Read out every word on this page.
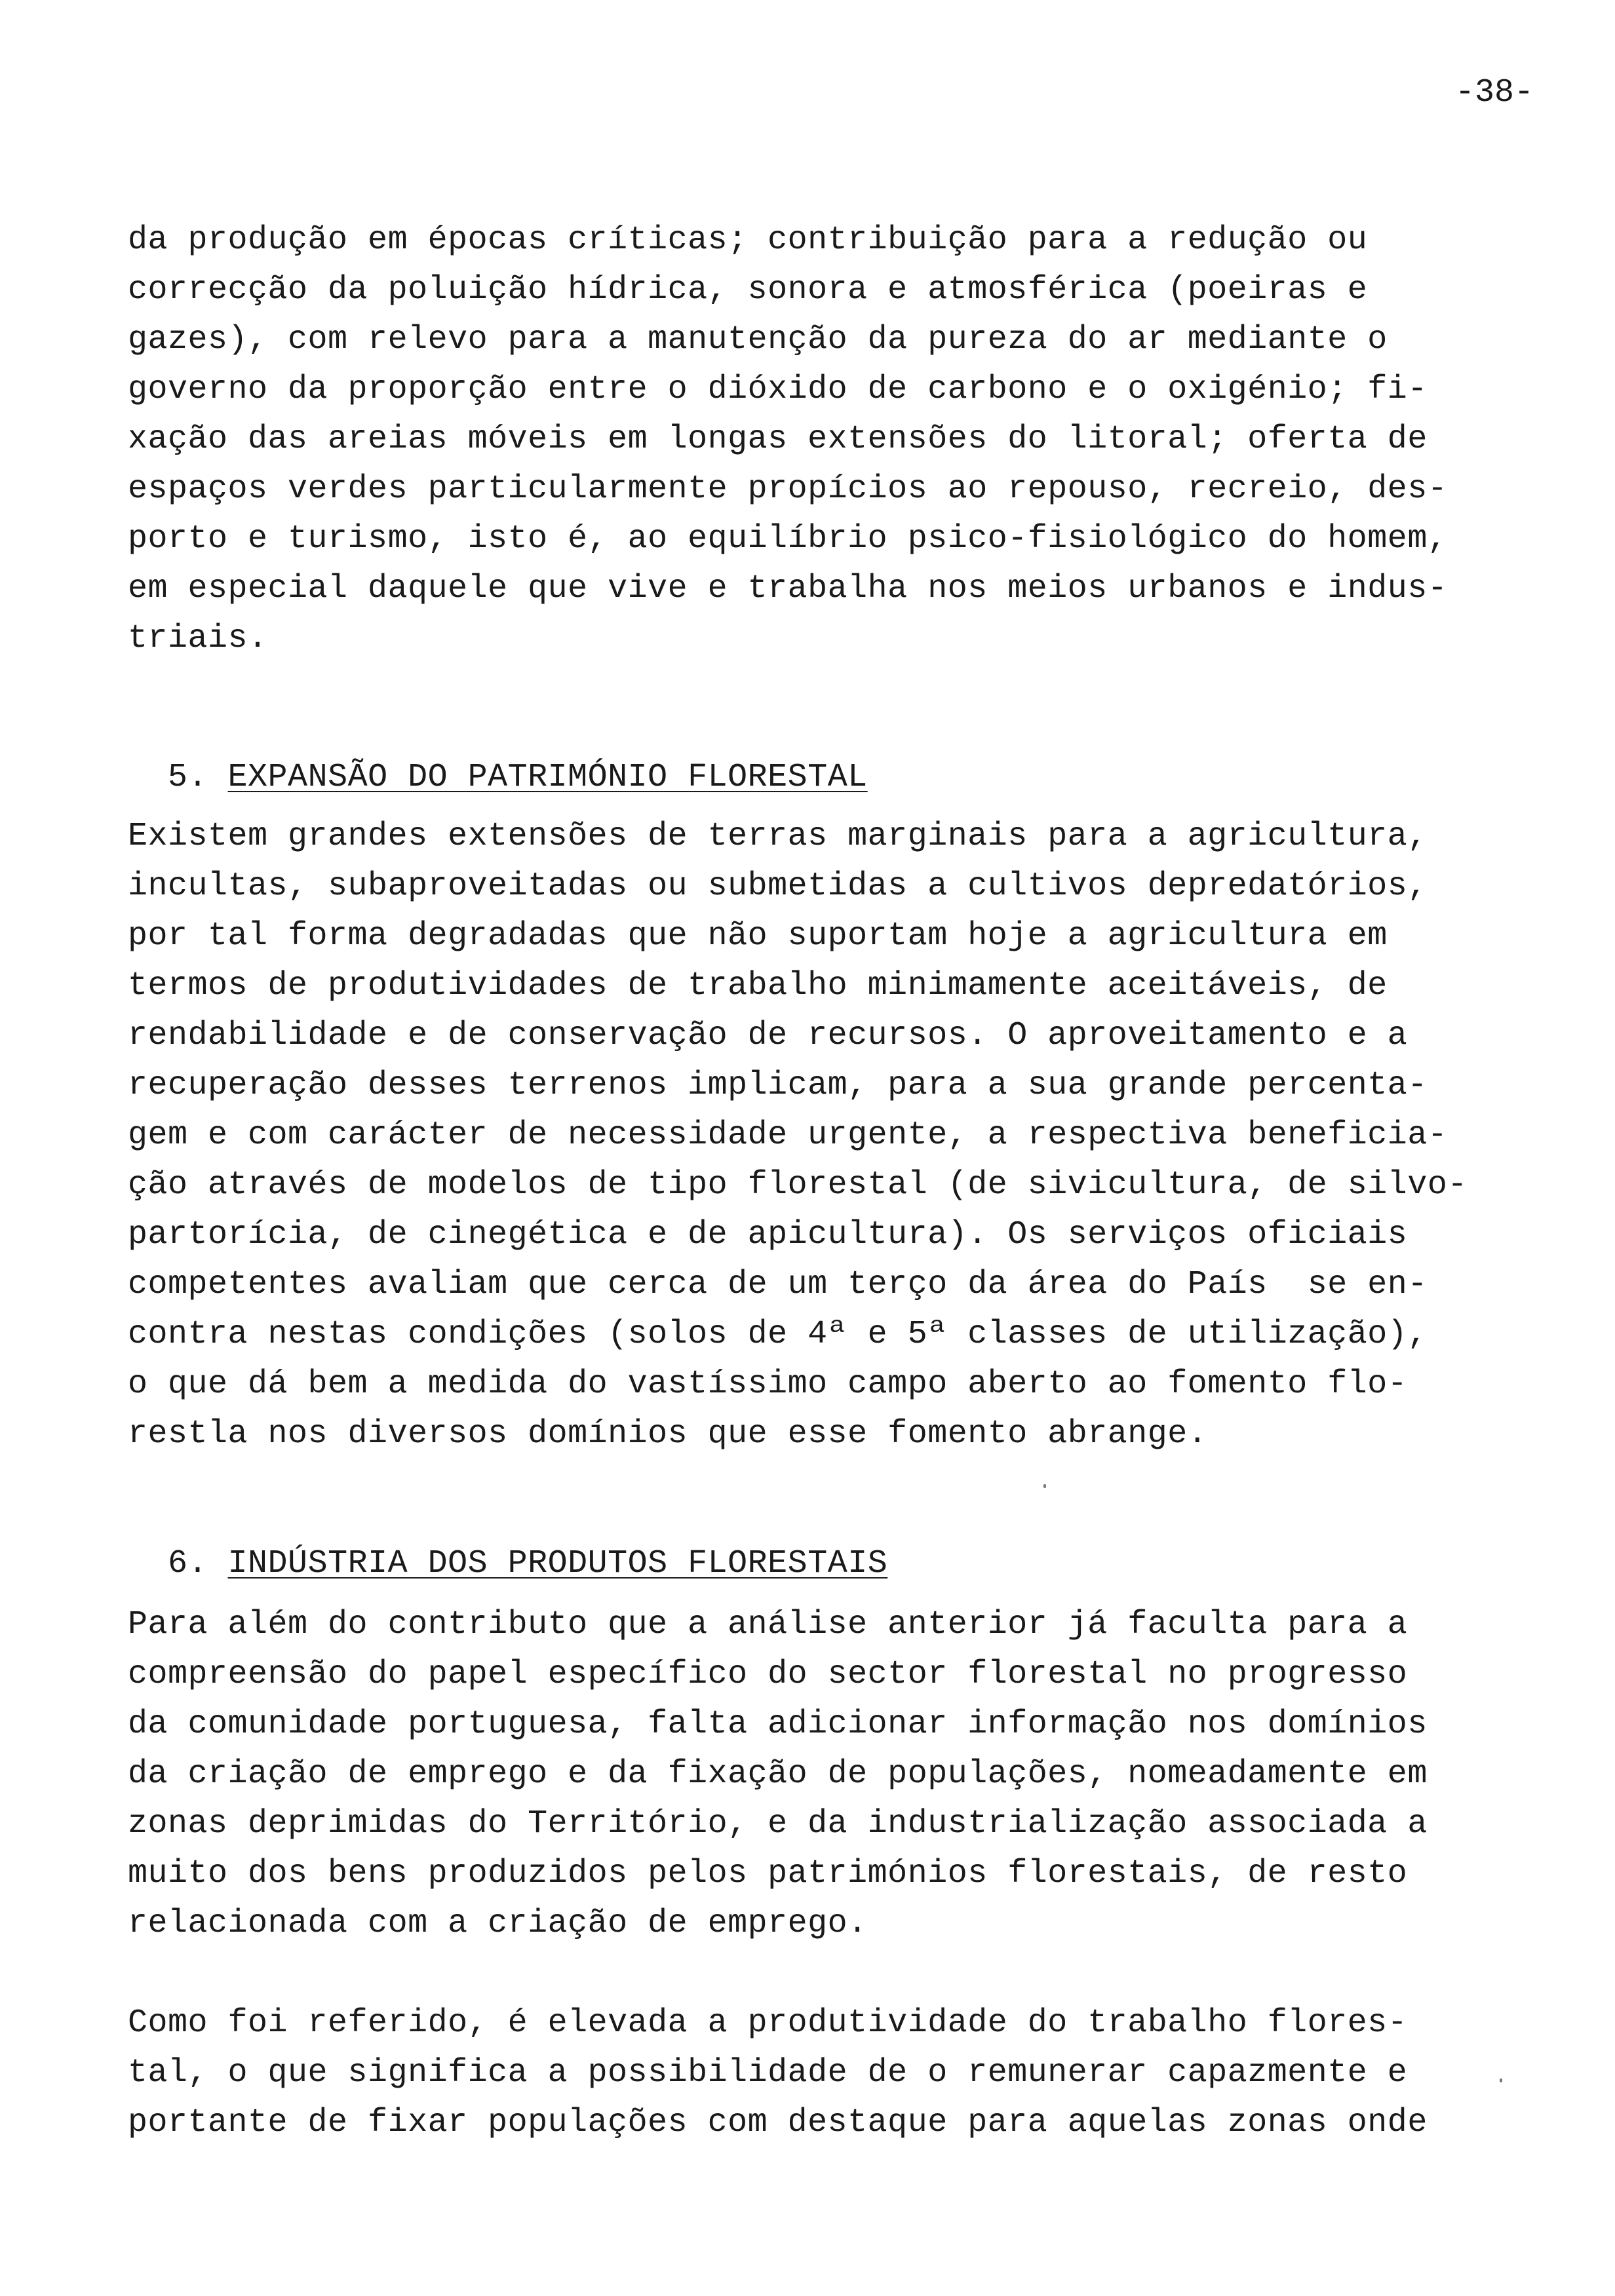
-38-
da produção em épocas críticas; contribuição para a redução ou
correcção da poluição hídrica, sonora e atmosférica (poeiras e
gazes), com relevo para a manutenção da pureza do ar mediante o
governo da proporção entre o dióxido de carbono e o oxigénio; fi-
xação das areias móveis em longas extensões do litoral; oferta de
espaços verdes particularmente propícios ao repouso, recreio, des-
porto e turismo, isto é, ao equilíbrio psico-fisiológico do homem,
em especial daquele que vive e trabalha nos meios urbanos e indus-
triais.

5. EXPANSÃO DO PATRIMÓNIO FLORESTAL

Existem grandes extensões de terras marginais para a agricultura,
incultas, subaproveitadas ou submetidas a cultivos depredatórios,
por tal forma degradadas que não suportam hoje a agricultura em
termos de produtividades de trabalho minimamente aceitáveis, de
rendabilidade e de conservação de recursos. O aproveitamento e a
recuperação desses terrenos implicam, para a sua grande percenta-
gem e com carácter de necessidade urgente, a respectiva beneficia-
ção através de modelos de tipo florestal (de sivicultura, de silvo-
partorícia, de cinegética e de apicultura). Os serviços oficiais
competentes avaliam que cerca de um terço da área do País  se en-
contra nestas condições (solos de 4ª e 5ª classes de utilização),
o que dá bem a medida do vastíssimo campo aberto ao fomento flo-
restla nos diversos domínios que esse fomento abrange.

6. INDÚSTRIA DOS PRODUTOS FLORESTAIS

Para além do contributo que a análise anterior já faculta para a
compreensão do papel específico do sector florestal no progresso
da comunidade portuguesa, falta adicionar informação nos domínios
da criação de emprego e da fixação de populações, nomeadamente em
zonas deprimidas do Território, e da industrialização associada a
muito dos bens produzidos pelos patrimónios florestais, de resto
relacionada com a criação de emprego.
Como foi referido, é elevada a produtividade do trabalho flores-
tal, o que significa a possibilidade de o remunerar capazmente e
portante de fixar populações com destaque para aquelas zonas onde
